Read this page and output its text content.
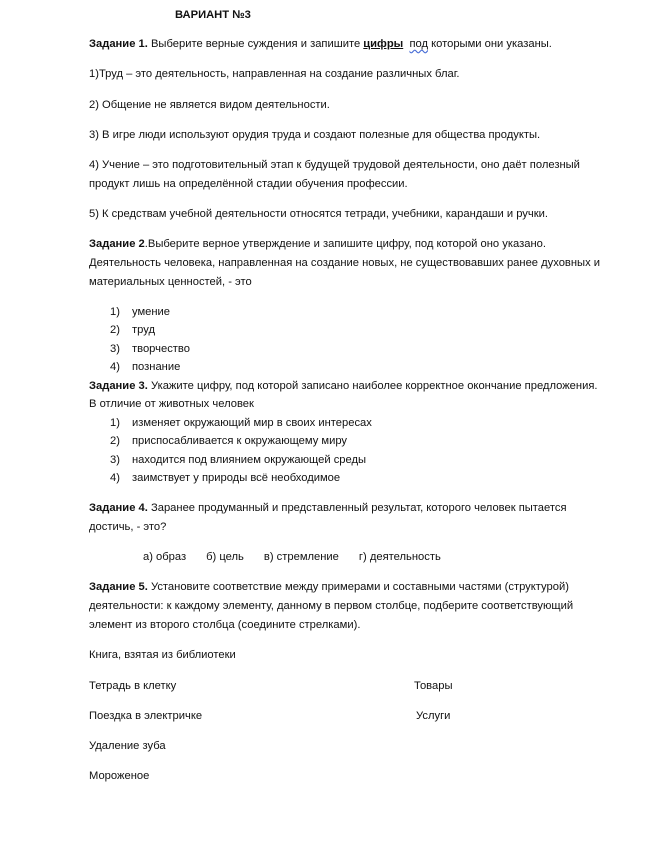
ВАРИАНТ №3
Задание 1. Выберите верные суждения и запишите цифры под которыми они указаны.
1)Труд – это деятельность, направленная на создание различных благ.
2) Общение не является видом деятельности.
3) В игре люди используют орудия труда и создают полезные для общества продукты.
4) Учение – это подготовительный этап к будущей трудовой деятельности, оно даёт полезный
продукт лишь на определённой стадии обучения профессии.
5) К средствам учебной деятельности относятся тетради, учебники, карандаши и ручки.
Задание 2.Выберите верное утверждение и запишите цифру, под которой оно указано.
Деятельность человека, направленная на создание новых, не существовавших ранее духовных и
материальных ценностей, - это
1) умение
2) труд
3) творчество
4) познание
Задание 3. Укажите цифру, под которой записано наиболее корректное окончание предложения.
В отличие от животных человек
1) изменяет окружающий мир в своих интересах
2) приспосабливается к окружающему миру
3) находится под влиянием окружающей среды
4) заимствует у природы всё необходимое
Задание 4. Заранее продуманный и представленный результат, которого человек пытается
достичь, - это?
а) образ б) цель в) стремление г) деятельность
Задание 5. Установите соответствие между примерами и составными частями (структурой)
деятельности: к каждому элементу, данному в первом столбце, подберите соответствующий
элемент из второго столбца (соедините стрелками).
Книга, взятая из библиотеки
Тетрадь в клетку
Поездка в электричке
Удаление зуба
Мороженое
Товары
Услуги
